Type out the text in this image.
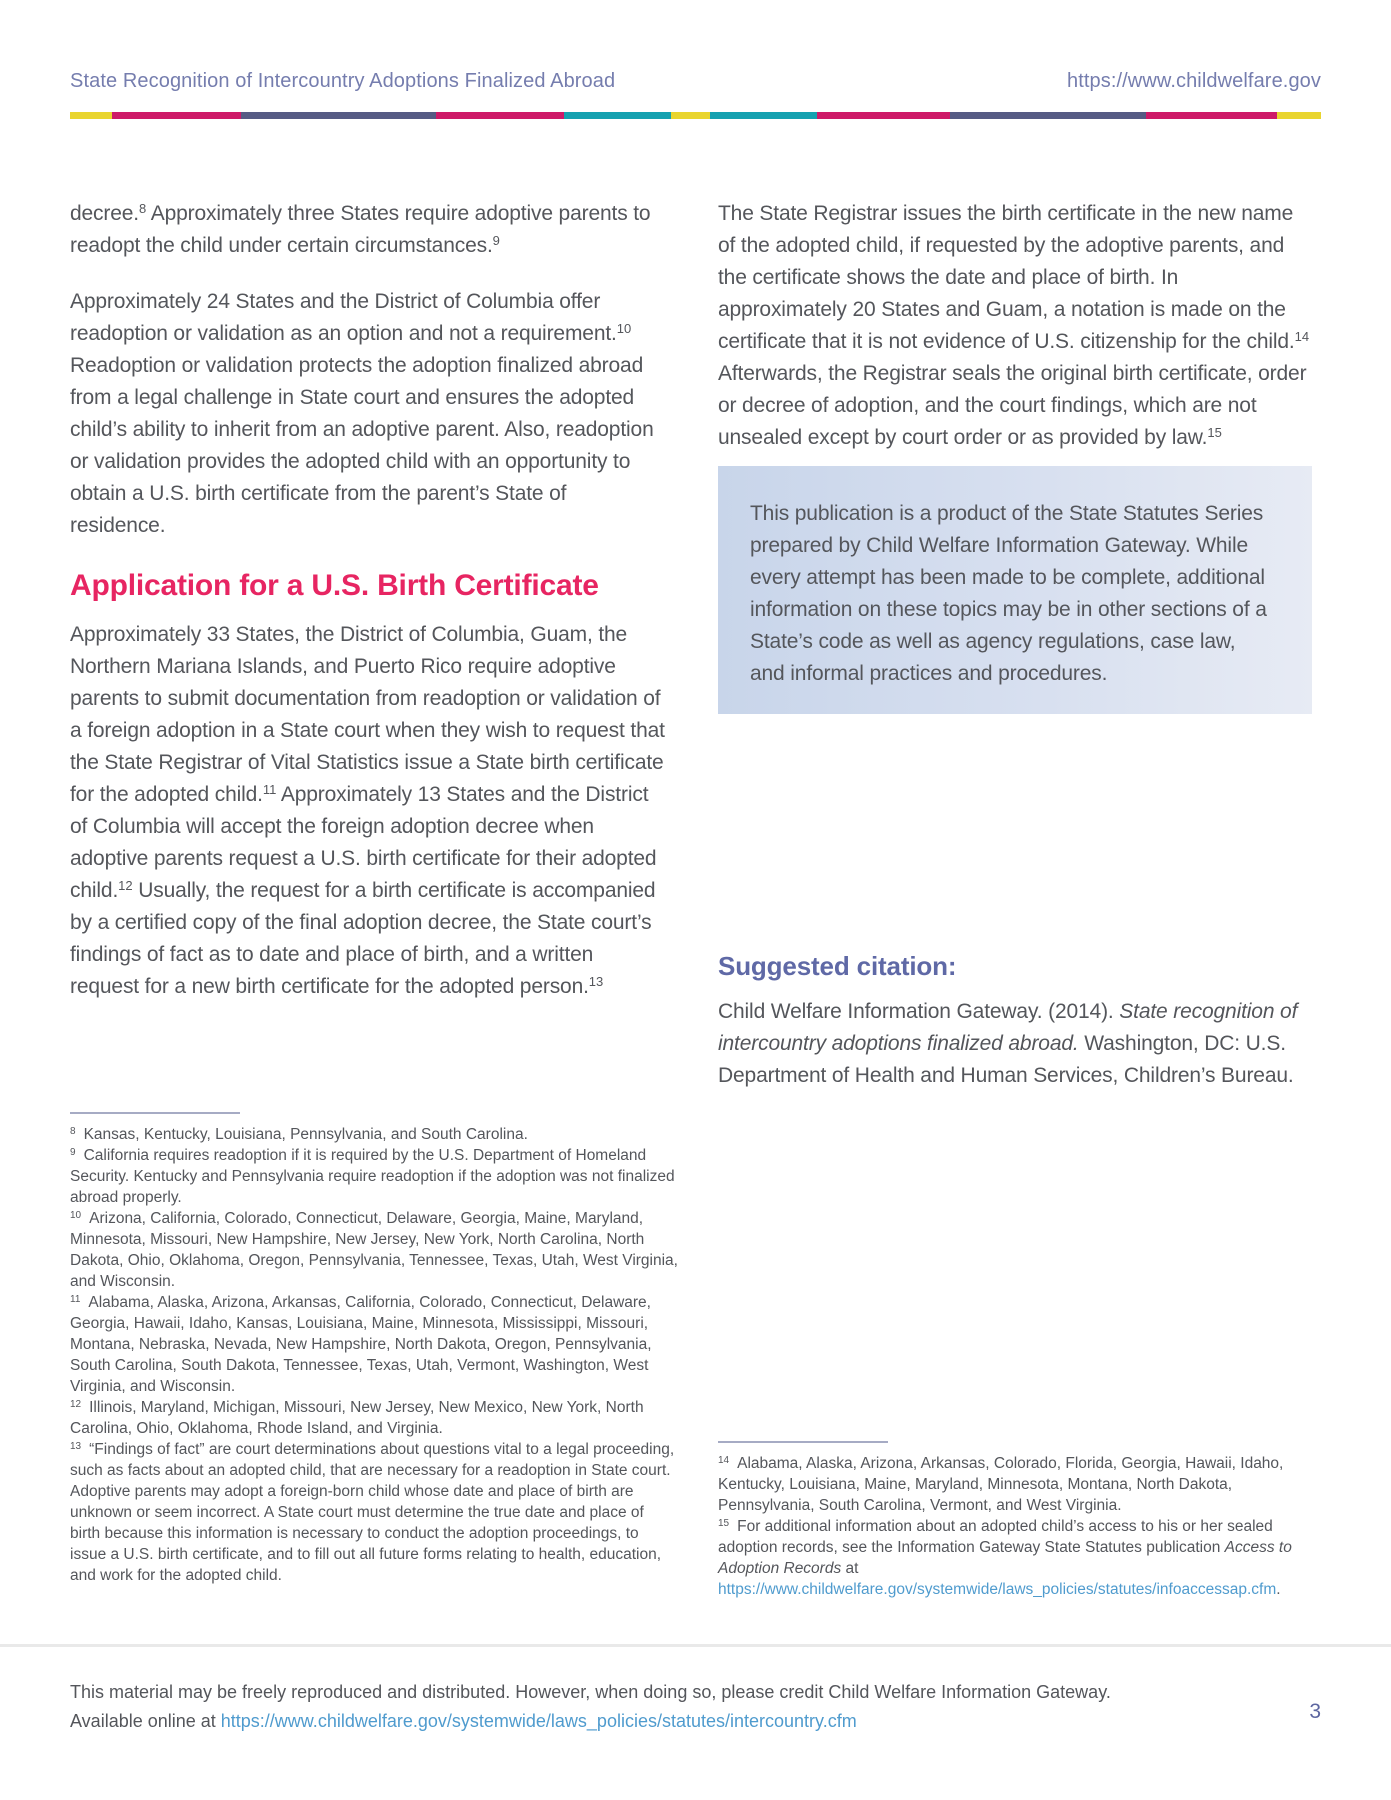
State Recognition of Intercountry Adoptions Finalized Abroad	https://www.childwelfare.gov

decree.$^8$ Approximately three States require adoptive parents to readopt the child under certain circumstances.$^9$

Approximately 24 States and the District of Columbia offer readoption or validation as an option and not a requirement.$^{10}$ Readoption or validation protects the adoption finalized abroad from a legal challenge in State court and ensures the adopted child’s ability to inherit from an adoptive parent. Also, readoption or validation provides the adopted child with an opportunity to obtain a U.S. birth certificate from the parent’s State of residence.

Application for a U.S. Birth Certificate

Approximately 33 States, the District of Columbia, Guam, the Northern Mariana Islands, and Puerto Rico require adoptive parents to submit documentation from readoption or validation of a foreign adoption in a State court when they wish to request that the State Registrar of Vital Statistics issue a State birth certificate for the adopted child.$^{11}$ Approximately 13 States and the District of Columbia will accept the foreign adoption decree when adoptive parents request a U.S. birth certificate for their adopted child.$^{12}$ Usually, the request for a birth certificate is accompanied by a certified copy of the final adoption decree, the State court’s findings of fact as to date and place of birth, and a written request for a new birth certificate for the adopted person.$^{13}$

The State Registrar issues the birth certificate in the new name of the adopted child, if requested by the adoptive parents, and the certificate shows the date and place of birth. In approximately 20 States and Guam, a notation is made on the certificate that it is not evidence of U.S. citizenship for the child.$^{14}$ Afterwards, the Registrar seals the original birth certificate, order or decree of adoption, and the court findings, which are not unsealed except by court order or as provided by law.$^{15}$

This publication is a product of the State Statutes Series prepared by Child Welfare Information Gateway. While every attempt has been made to be complete, additional information on these topics may be in other sections of a State’s code as well as agency regulations, case law, and informal practices and procedures.

Suggested citation:

Child Welfare Information Gateway. (2014). State recognition of intercountry adoptions finalized abroad. Washington, DC: U.S. Department of Health and Human Services, Children’s Bureau.

$^8$ Kansas, Kentucky, Louisiana, Pennsylvania, and South Carolina.

$^9$ California requires readoption if it is required by the U.S. Department of Homeland Security. Kentucky and Pennsylvania require readoption if the adoption was not finalized abroad properly.

$^{10}$ Arizona, California, Colorado, Connecticut, Delaware, Georgia, Maine, Maryland, Minnesota, Missouri, New Hampshire, New Jersey, New York, North Carolina, North Dakota, Ohio, Oklahoma, Oregon, Pennsylvania, Tennessee, Texas, Utah, West Virginia, and Wisconsin.

$^{11}$ Alabama, Alaska, Arizona, Arkansas, California, Colorado, Connecticut, Delaware, Georgia, Hawaii, Idaho, Kansas, Louisiana, Maine, Minnesota, Mississippi, Missouri, Montana, Nebraska, Nevada, New Hampshire, North Dakota, Oregon, Pennsylvania, South Carolina, South Dakota, Tennessee, Texas, Utah, Vermont, Washington, West Virginia, and Wisconsin.

$^{12}$ Illinois, Maryland, Michigan, Missouri, New Jersey, New Mexico, New York, North Carolina, Ohio, Oklahoma, Rhode Island, and Virginia.

$^{13}$ “Findings of fact” are court determinations about questions vital to a legal proceeding, such as facts about an adopted child, that are necessary for a readoption in State court. Adoptive parents may adopt a foreign-born child whose date and place of birth are unknown or seem incorrect. A State court must determine the true date and place of birth because this information is necessary to conduct the adoption proceedings, to issue a U.S. birth certificate, and to fill out all future forms relating to health, education, and work for the adopted child.

$^{14}$ Alabama, Alaska, Arizona, Arkansas, Colorado, Florida, Georgia, Hawaii, Idaho, Kentucky, Louisiana, Maine, Maryland, Minnesota, Montana, North Dakota, Pennsylvania, South Carolina, Vermont, and West Virginia.

$^{15}$ For additional information about an adopted child’s access to his or her sealed adoption records, see the Information Gateway State Statutes publication Access to Adoption Records at https://www.childwelfare.gov/systemwide/laws_policies/statutes/infoaccessap.cfm.

This material may be freely reproduced and distributed. However, when doing so, please credit Child Welfare Information Gateway.

Available online at https://www.childwelfare.gov/systemwide/laws_policies/statutes/intercountry.cfm	3
